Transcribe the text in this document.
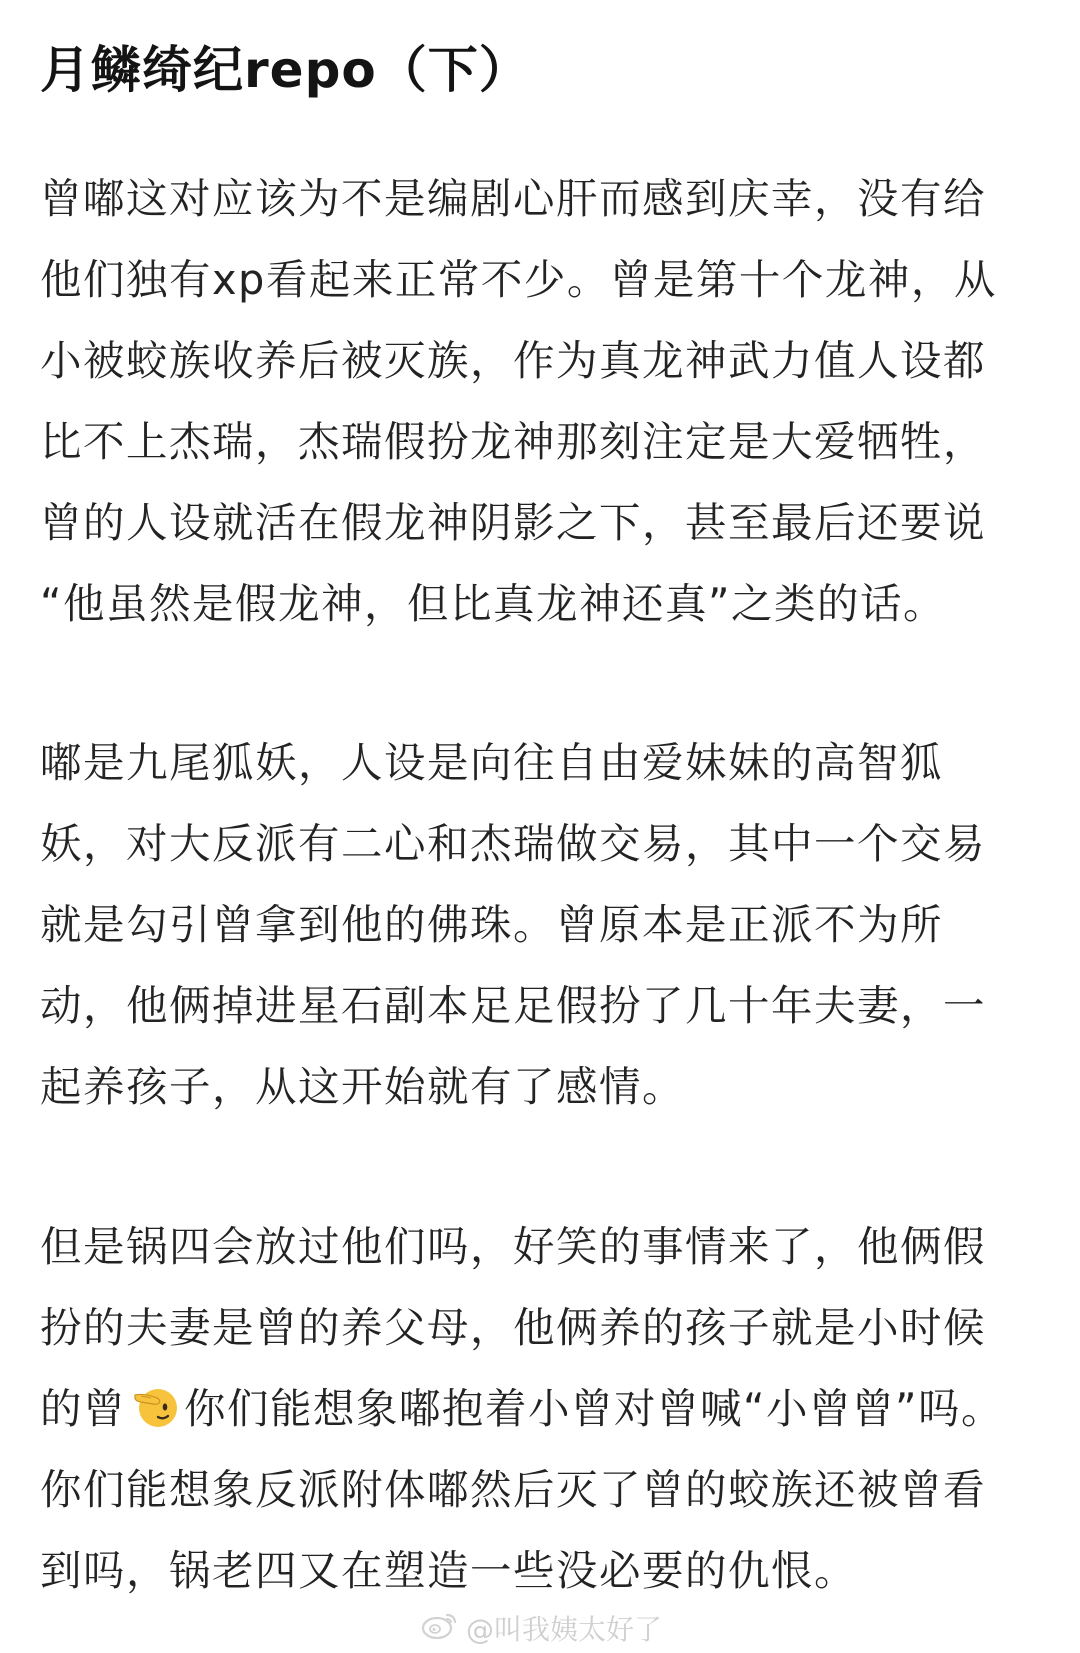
月鳞绮纪repo（下）
曾嘟这对应该为不是编剧心肝而感到庆幸，没有给
他们独有xp看起来正常不少。曾是第十个龙神，从
小被蛟族收养后被灭族，作为真龙神武力值人设都
比不上杰瑞，杰瑞假扮龙神那刻注定是大爱牺牲，
曾的人设就活在假龙神阴影之下，甚至最后还要说
“他虽然是假龙神，但比真龙神还真”之类的话。
嘟是九尾狐妖，人设是向往自由爱妹妹的高智狐
妖，对大反派有二心和杰瑞做交易，其中一个交易
就是勾引曾拿到他的佛珠。曾原本是正派不为所
动，他俩掉进星石副本足足假扮了几十年夫妻，一
起养孩子，从这开始就有了感情。
但是锅四会放过他们吗，好笑的事情来了，他俩假
扮的夫妻是曾的养父母，他俩养的孩子就是小时候
的曾 你们能想象嘟抱着小曾对曾喊“小曾曾”吗。
你们能想象反派附体嘟然后灭了曾的蛟族还被曾看
到吗，锅老四又在塑造一些没必要的仇恨。
@叫我姨太好了
